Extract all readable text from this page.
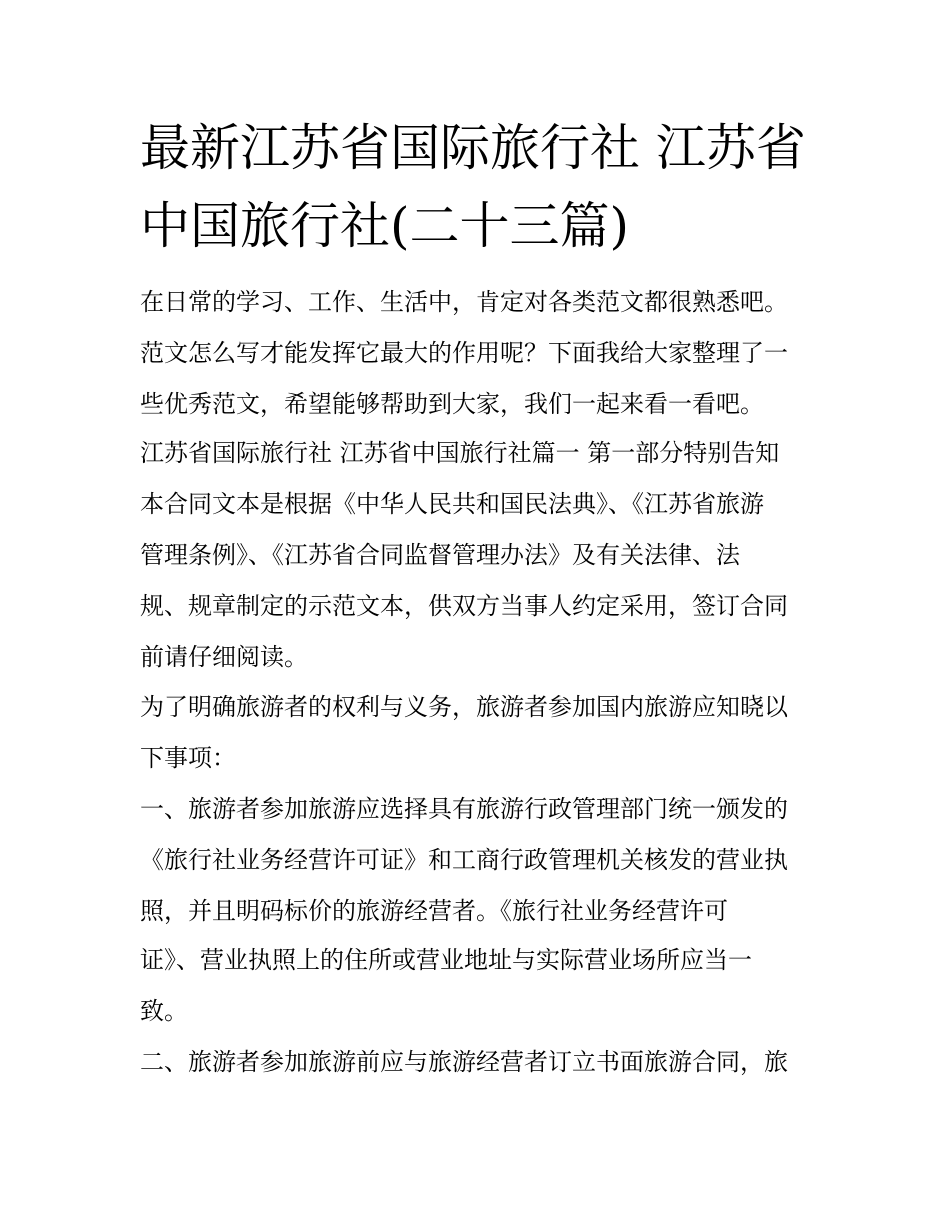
最新江苏省国际旅行社 江苏省
中国旅行社(二十三篇)
在日常的学习、工作、生活中，肯定对各类范文都很熟悉吧。
范文怎么写才能发挥它最大的作用呢？下面我给大家整理了一
些优秀范文，希望能够帮助到大家，我们一起来看一看吧。
江苏省国际旅行社 江苏省中国旅行社篇一 第一部分特别告知
本合同文本是根据《中华人民共和国民法典》、《江苏省旅游
管理条例》、《江苏省合同监督管理办法》及有关法律、法
规、规章制定的示范文本，供双方当事人约定采用，签订合同
前请仔细阅读。
为了明确旅游者的权利与义务，旅游者参加国内旅游应知晓以
下事项：
一、旅游者参加旅游应选择具有旅游行政管理部门统一颁发的
《旅行社业务经营许可证》和工商行政管理机关核发的营业执
照，并且明码标价的旅游经营者。《旅行社业务经营许可
证》、营业执照上的住所或营业地址与实际营业场所应当一
致。
二、旅游者参加旅游前应与旅游经营者订立书面旅游合同，旅
